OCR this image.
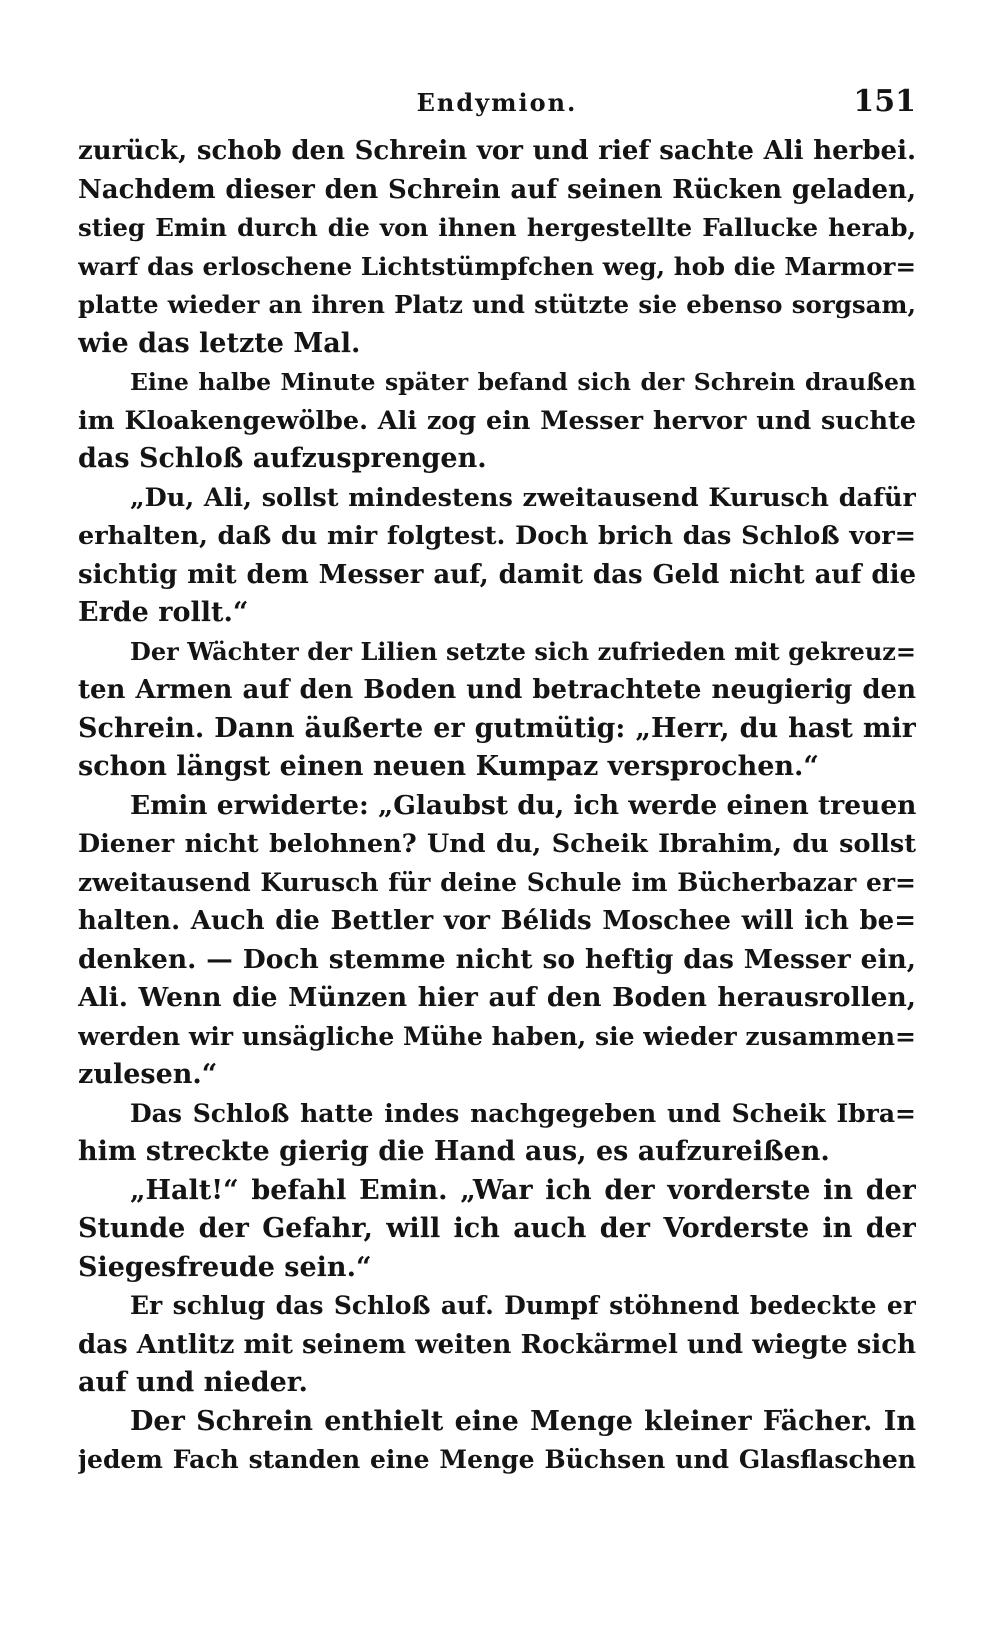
Endymion.	151
zurück, schob den Schrein vor und rief sachte Ali herbei.
Nachdem dieser den Schrein auf seinen Rücken geladen,
stieg Emin durch die von ihnen hergestellte Fallucke herab,
warf das erloschene Lichtstümpfchen weg, hob die Marmor=
platte wieder an ihren Platz und stützte sie ebenso sorgsam,
wie das letzte Mal.
Eine halbe Minute später befand sich der Schrein draußen
im Kloakengewölbe. Ali zog ein Messer hervor und suchte
das Schloß aufzusprengen.
„Du, Ali, sollst mindestens zweitausend Kurusch dafür
erhalten, daß du mir folgtest. Doch brich das Schloß vor=
sichtig mit dem Messer auf, damit das Geld nicht auf die
Erde rollt.“
Der Wächter der Lilien setzte sich zufrieden mit gekreuz=
ten Armen auf den Boden und betrachtete neugierig den
Schrein. Dann äußerte er gutmütig: „Herr, du hast mir
schon längst einen neuen Kumpaz versprochen.“
Emin erwiderte: „Glaubst du, ich werde einen treuen
Diener nicht belohnen? Und du, Scheik Ibrahim, du sollst
zweitausend Kurusch für deine Schule im Bücherbazar er=
halten. Auch die Bettler vor Bélids Moschee will ich be=
denken. — Doch stemme nicht so heftig das Messer ein,
Ali. Wenn die Münzen hier auf den Boden herausrollen,
werden wir unsägliche Mühe haben, sie wieder zusammen=
zulesen.“
Das Schloß hatte indes nachgegeben und Scheik Ibra=
him streckte gierig die Hand aus, es aufzureißen.
„Halt!“ befahl Emin. „War ich der vorderste in der
Stunde der Gefahr, will ich auch der Vorderste in der
Siegesfreude sein.“
Er schlug das Schloß auf. Dumpf stöhnend bedeckte er
das Antlitz mit seinem weiten Rockärmel und wiegte sich
auf und nieder.
Der Schrein enthielt eine Menge kleiner Fächer. In
jedem Fach standen eine Menge Büchsen und Glasflaschen
